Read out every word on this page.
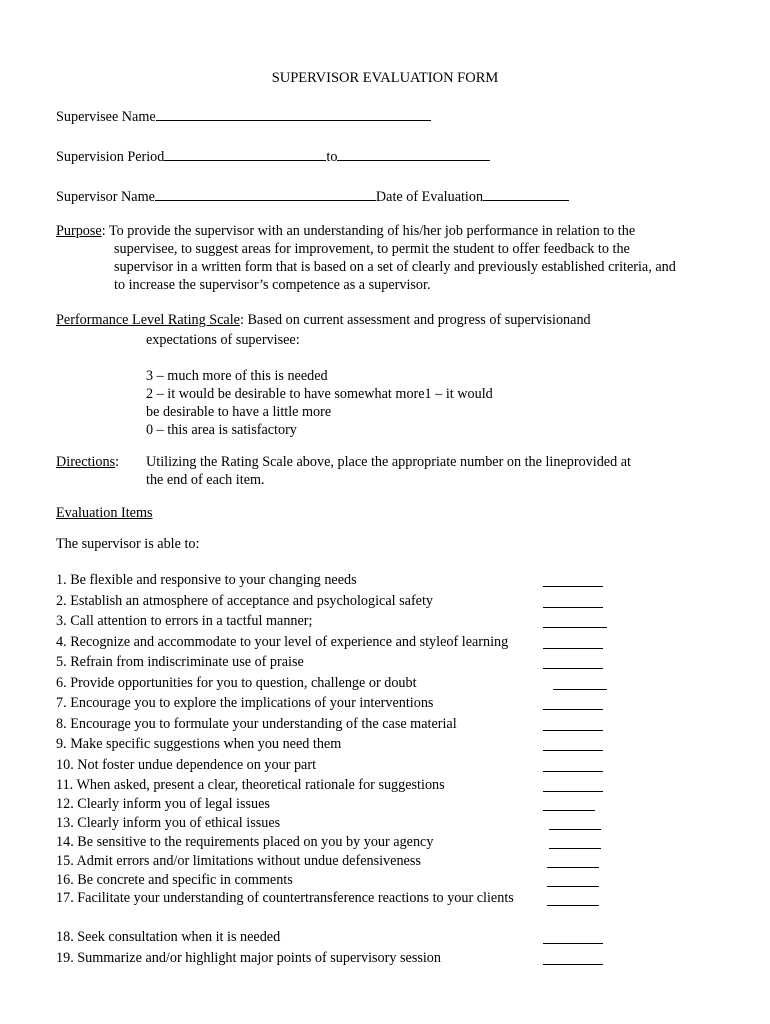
SUPERVISOR EVALUATION FORM
Supervisee Name
Supervision Period	to
Supervisor Name	Date of Evaluation
Purpose: To provide the supervisor with an understanding of his/her job performance in relation to the
supervisee, to suggest areas for improvement, to permit the student to offer feedback to the
supervisor in a written form that is based on a set of clearly and previously established criteria, and
to increase the supervisor’s competence as a supervisor.
Performance Level Rating Scale: Based on current assessment and progress of supervisionand
expectations of supervisee:
3 – much more of this is needed
2 – it would be desirable to have somewhat more1 – it would
be desirable to have a little more
0 – this area is satisfactory
Directions: Utilizing the Rating Scale above, place the appropriate number on the lineprovided at
the end of each item.
Evaluation Items
The supervisor is able to:
1. Be flexible and responsive to your changing needs
2. Establish an atmosphere of acceptance and psychological safety
3. Call attention to errors in a tactful manner;
4. Recognize and accommodate to your level of experience and styleof learning
5. Refrain from indiscriminate use of praise
6. Provide opportunities for you to question, challenge or doubt
7. Encourage you to explore the implications of your interventions
8. Encourage you to formulate your understanding of the case material
9. Make specific suggestions when you need them
10. Not foster undue dependence on your part
11. When asked, present a clear, theoretical rationale for suggestions
12. Clearly inform you of legal issues
13. Clearly inform you of ethical issues
14. Be sensitive to the requirements placed on you by your agency
15. Admit errors and/or limitations without undue defensiveness
16. Be concrete and specific in comments
17. Facilitate your understanding of countertransference reactions to your clients
18. Seek consultation when it is needed
19. Summarize and/or highlight major points of supervisory session
